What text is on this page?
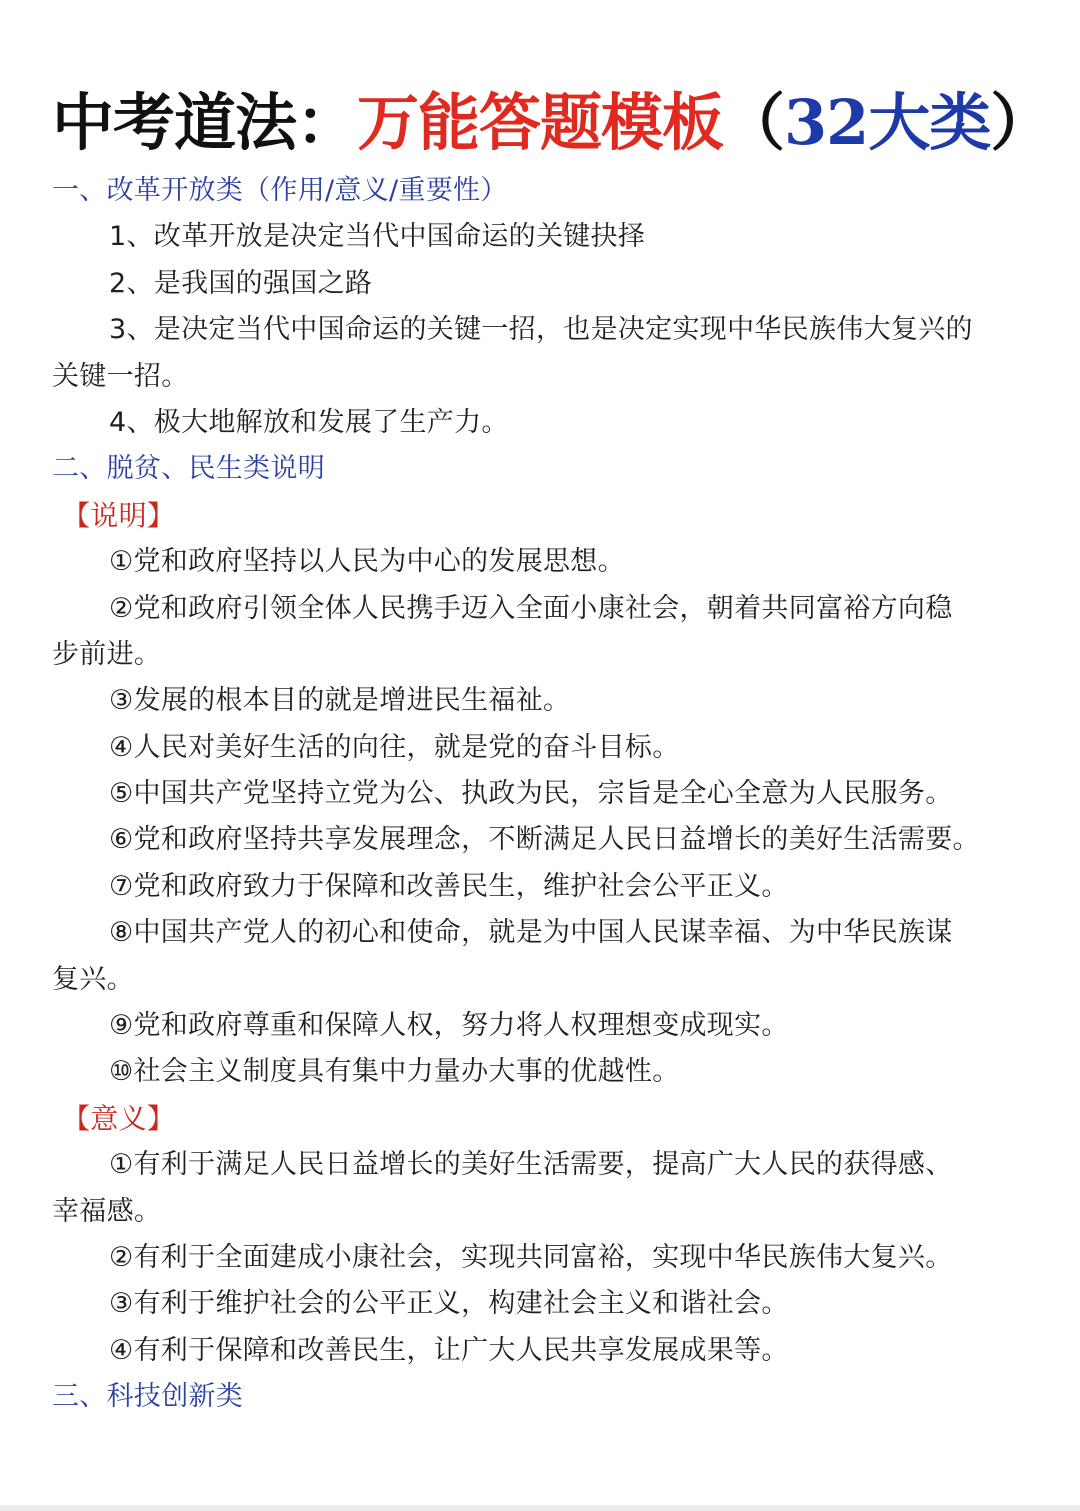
中考道法：万能答题模板（32大类）
一、改革开放类（作用/意义/重要性）
1、改革开放是决定当代中国命运的关键抉择
2、是我国的强国之路
3、是决定当代中国命运的关键一招，也是决定实现中华民族伟大复兴的
关键一招。
4、极大地解放和发展了生产力。
二、脱贫、民生类说明
【说明】
①党和政府坚持以人民为中心的发展思想。
②党和政府引领全体人民携手迈入全面小康社会，朝着共同富裕方向稳
步前进。
③发展的根本目的就是增进民生福祉。
④人民对美好生活的向往，就是党的奋斗目标。
⑤中国共产党坚持立党为公、执政为民，宗旨是全心全意为人民服务。
⑥党和政府坚持共享发展理念，不断满足人民日益增长的美好生活需要。
⑦党和政府致力于保障和改善民生，维护社会公平正义。
⑧中国共产党人的初心和使命，就是为中国人民谋幸福、为中华民族谋
复兴。
⑨党和政府尊重和保障人权，努力将人权理想变成现实。
⑩社会主义制度具有集中力量办大事的优越性。
【意义】
①有利于满足人民日益增长的美好生活需要，提高广大人民的获得感、
幸福感。
②有利于全面建成小康社会，实现共同富裕，实现中华民族伟大复兴。
③有利于维护社会的公平正义，构建社会主义和谐社会。
④有利于保障和改善民生，让广大人民共享发展成果等。
三、科技创新类
